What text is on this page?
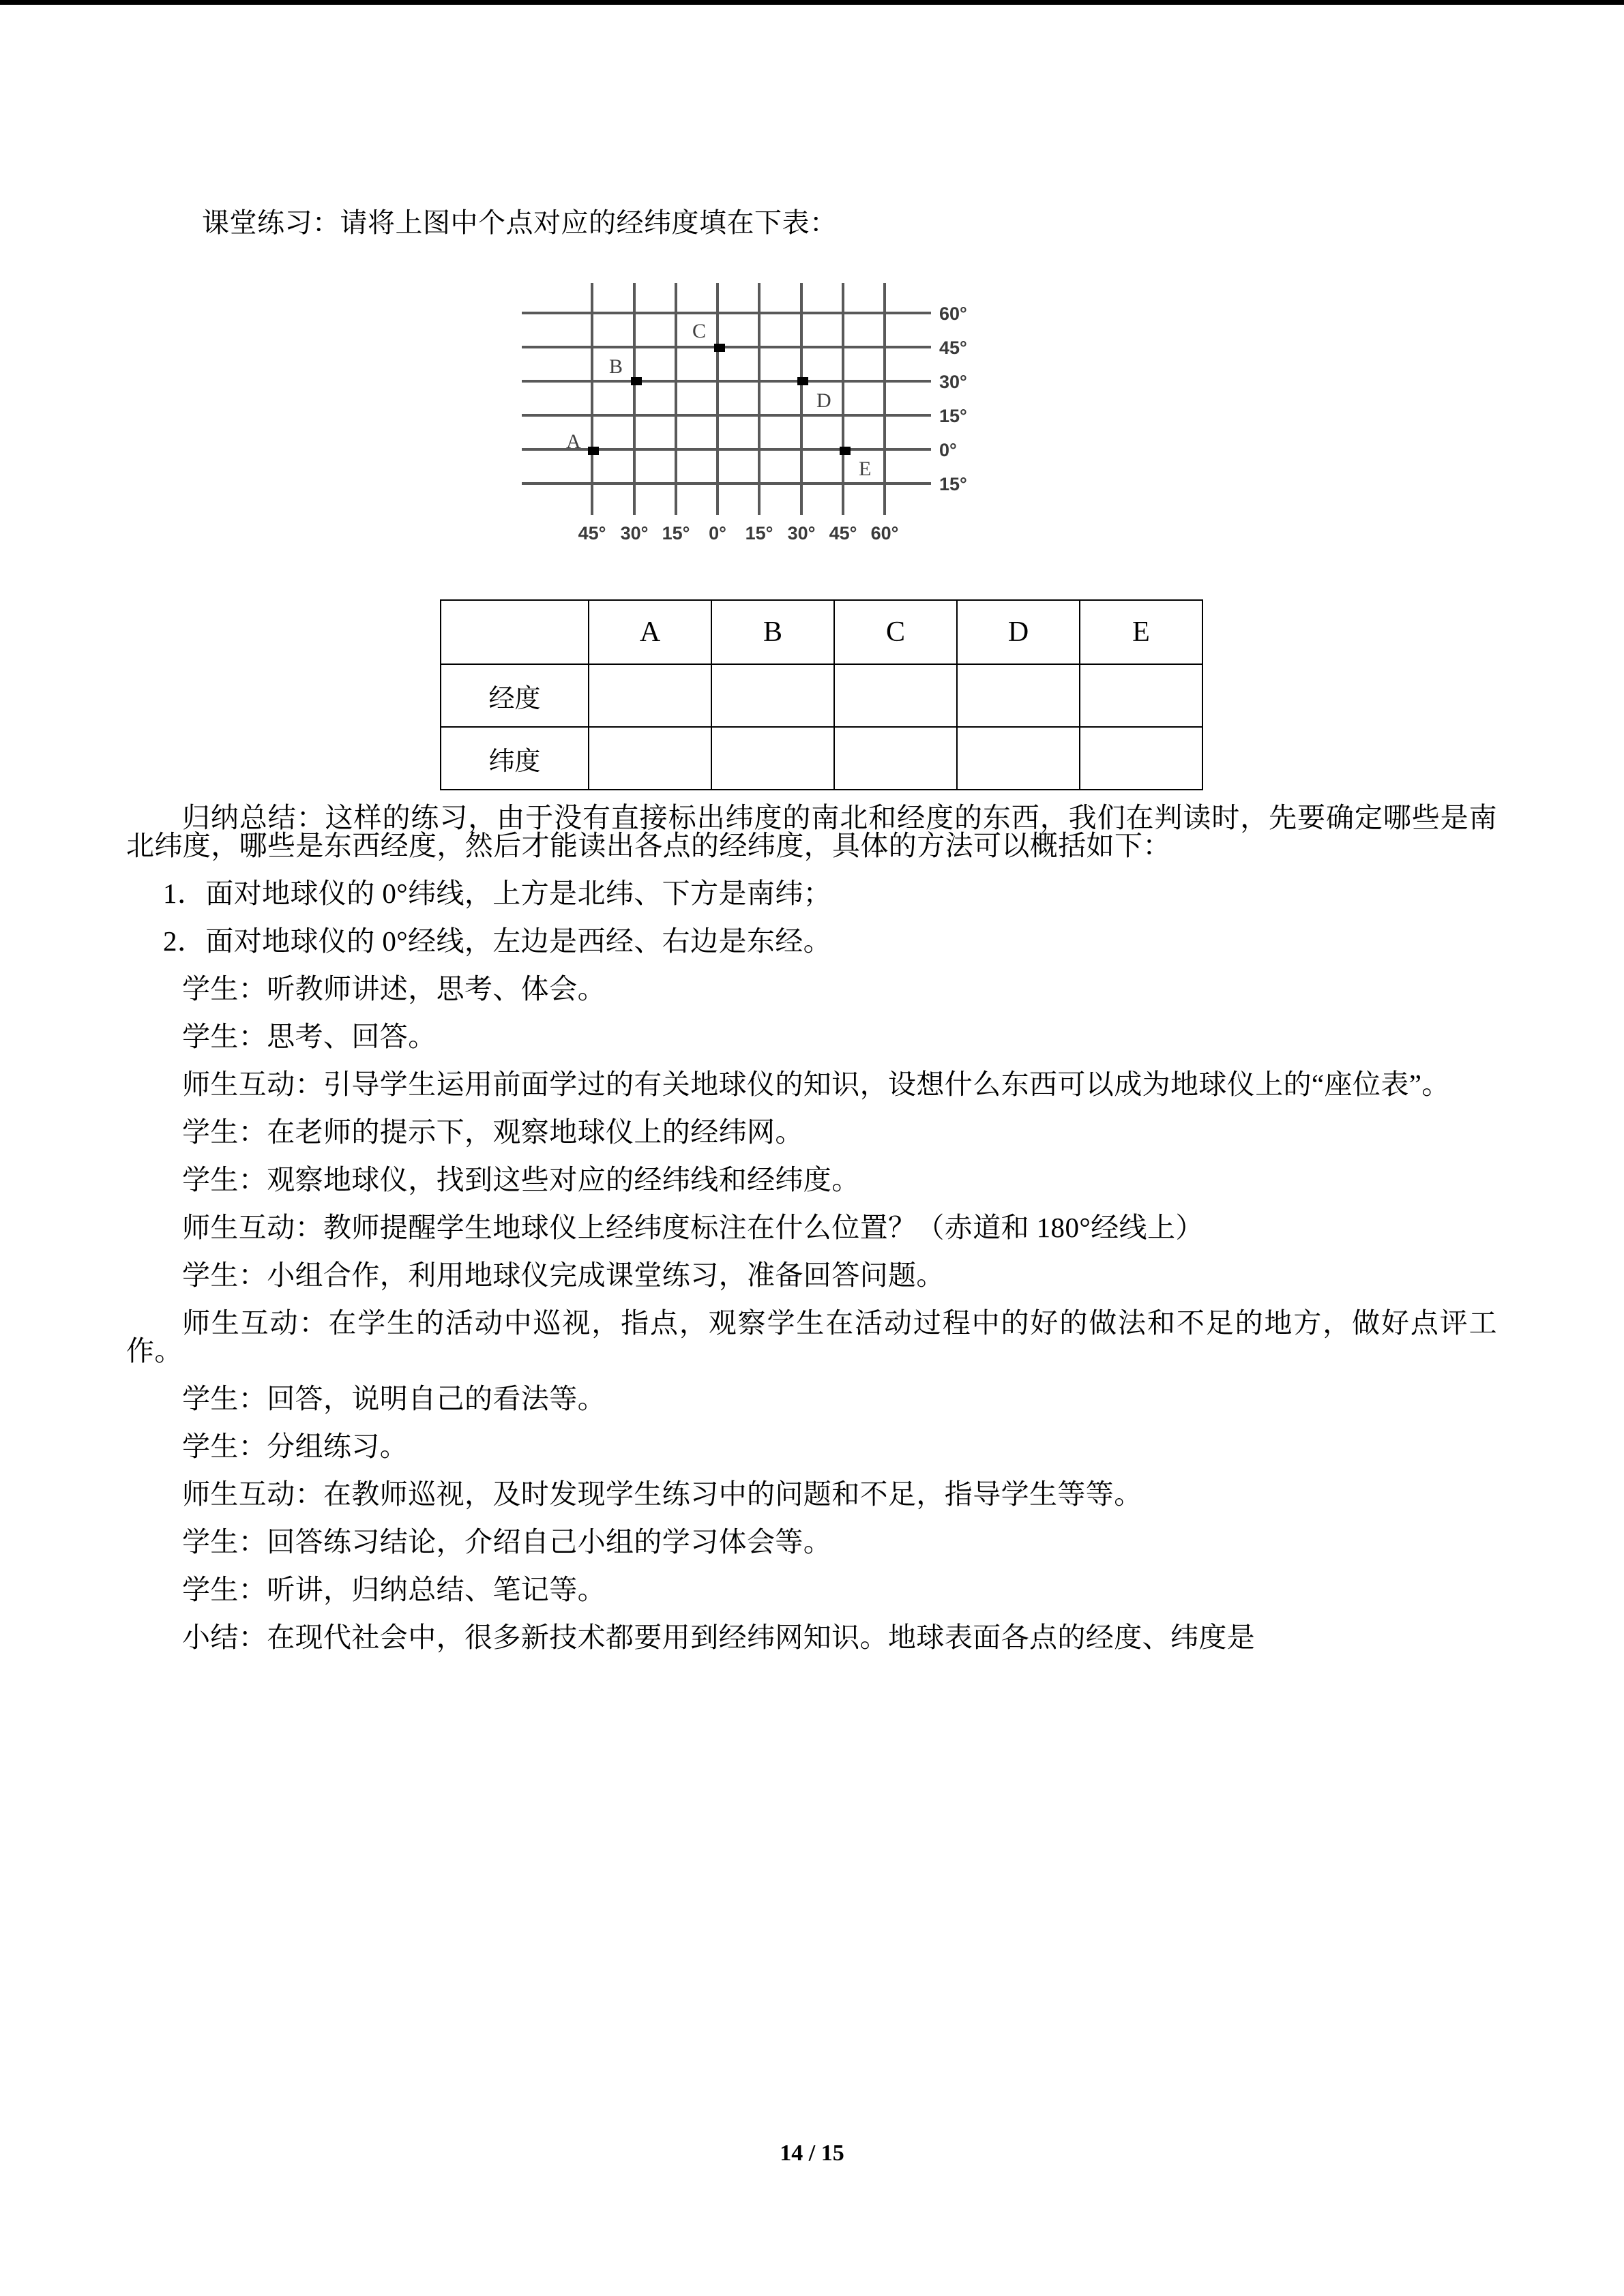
课堂练习：请将上图中个点对应的经纬度填在下表：
A
B
C
D
E
60°
45°
30°
15°
0°
15°
45° 30° 15° 0° 15° 30° 45° 60°
	A	B	C	D	E
经度					
纬度					

归纳总结：这样的练习，由于没有直接标出纬度的南北和经度的东西，我们在判读时，先要确定哪些是南北纬度，哪些是东西经度，然后才能读出各点的经纬度，具体的方法可以概括如下：

1．面对地球仪的 0°纬线，上方是北纬、下方是南纬；

2．面对地球仪的 0°经线，左边是西经、右边是东经。

学生：听教师讲述，思考、体会。

学生：思考、回答。

师生互动：引导学生运用前面学过的有关地球仪的知识，设想什么东西可以成为地球仪上的“座位表”。

学生：在老师的提示下，观察地球仪上的经纬网。

学生：观察地球仪，找到这些对应的经纬线和经纬度。

师生互动：教师提醒学生地球仪上经纬度标注在什么位置？（赤道和 180°经线上）

学生：小组合作，利用地球仪完成课堂练习，准备回答问题。

师生互动：在学生的活动中巡视，指点，观察学生在活动过程中的好的做法和不足的地方，做好点评工作。

学生：回答，说明自己的看法等。

学生：分组练习。

师生互动：在教师巡视，及时发现学生练习中的问题和不足，指导学生等等。

学生：回答练习结论，介绍自己小组的学习体会等。

学生：听讲，归纳总结、笔记等。

小结：在现代社会中，很多新技术都要用到经纬网知识。地球表面各点的经度、纬度是

14 / 15
